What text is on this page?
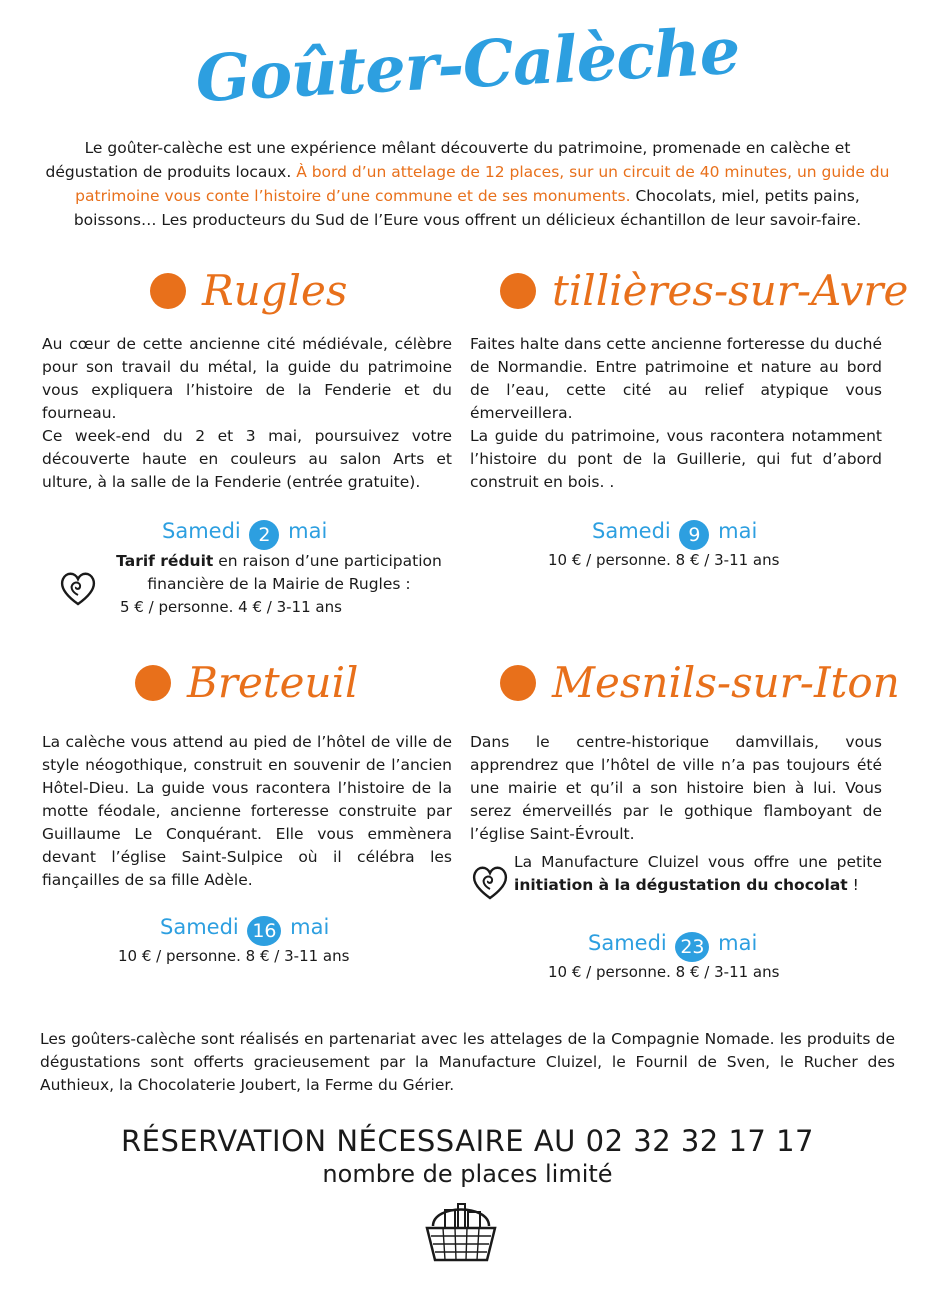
Goûter-Calèche
Le goûter-calèche est une expérience mêlant découverte du patrimoine, promenade en calèche et dégustation de produits locaux. À bord d’un attelage de 12 places, sur un circuit de 40 minutes, un guide du patrimoine vous conte l’histoire d’une commune et de ses monuments. Chocolats, miel, petits pains, boissons… Les producteurs du Sud de l’Eure vous offrent un délicieux échantillon de leur savoir-faire.
Rugles

Au cœur de cette ancienne cité médiévale, célèbre pour son travail du métal, la guide du patrimoine vous expliquera l’histoire de la Fenderie et du fourneau.

Ce week-end du 2 et 3 mai, poursuivez votre découverte haute en couleurs au salon Arts et ulture, à la salle de la Fenderie (entrée gratuite).

Samedi 2 mai
Tarif réduit en raison d’une participation financière de la Mairie de Rugles :
5 € / personne. 4 € / 3-11 ans
tillières-sur-Avre

Faites halte dans cette ancienne forteresse du duché de Normandie. Entre patrimoine et nature au bord de l’eau, cette cité au relief atypique vous émerveillera.

La guide du patrimoine, vous racontera notamment l’histoire du pont de la Guillerie, qui fut d’abord construit en bois. .

Samedi 9 mai
10 € / personne. 8 € / 3-11 ans
Breteuil

La calèche vous attend au pied de l’hôtel de ville de style néogothique, construit en souvenir de l’ancien Hôtel-Dieu. La guide vous racontera l’histoire de la motte féodale, ancienne forteresse construite par Guillaume Le Conquérant. Elle vous emmènera devant l’église Saint-Sulpice où il célébra les fiançailles de sa fille Adèle.

Samedi 16 mai
10 € / personne. 8 € / 3-11 ans
Mesnils-sur-Iton

Dans le centre-historique damvillais, vous apprendrez que l’hôtel de ville n’a pas toujours été une mairie et qu’il a son histoire bien à lui. Vous serez émerveillés par le gothique flamboyant de l’église Saint-Évroult.

La Manufacture Cluizel vous offre une petite initiation à la dégustation du chocolat !
Samedi 23 mai
10 € / personne. 8 € / 3-11 ans
Les goûters-calèche sont réalisés en partenariat avec les attelages de la Compagnie Nomade. les produits de dégustations sont offerts gracieusement par la Manufacture Cluizel, le Fournil de Sven, le Rucher des Authieux, la Chocolaterie Joubert, la Ferme du Gérier.
RÉSERVATION NÉCESSAIRE AU 02 32 32 17 17
nombre de places limité
